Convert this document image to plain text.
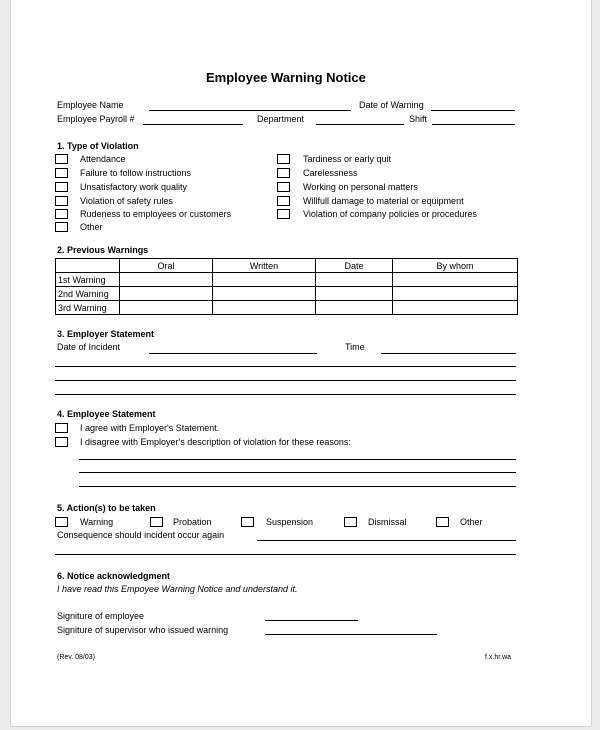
Employee Warning Notice
Employee Name	Date of Warning
Employee Payroll #	Department	Shift
1. Type of Violation
Attendance
Failure to follow instructions
Unsatisfactory work quality
Violation of safety rules
Rudeness to employees or customers
Other
Tardiness or early quit
Carelessness
Working on personal matters
Willfull damage to material or equipment
Violation of company policies or procedures
2. Previous Warnings
	Oral	Written	Date	By whom
1st Warning				
2nd Warning				
3rd Warning				
3. Employer Statement
Date of Incident	Time
4. Employee Statement
I agree with Employer's Statement.
I disagree with Employer's description of violation for these reasons:
5. Action(s) to be taken
Warning	Probation	Suspension	Dismissal	Other
Consequence should incident occur again
6. Notice acknowledgment
I have read this Empoyee Warning Notice and understand it.
Signiture of employee
Signiture of supervisor who issued warning
(Rev. 08/03)	f.x.hr.wa
